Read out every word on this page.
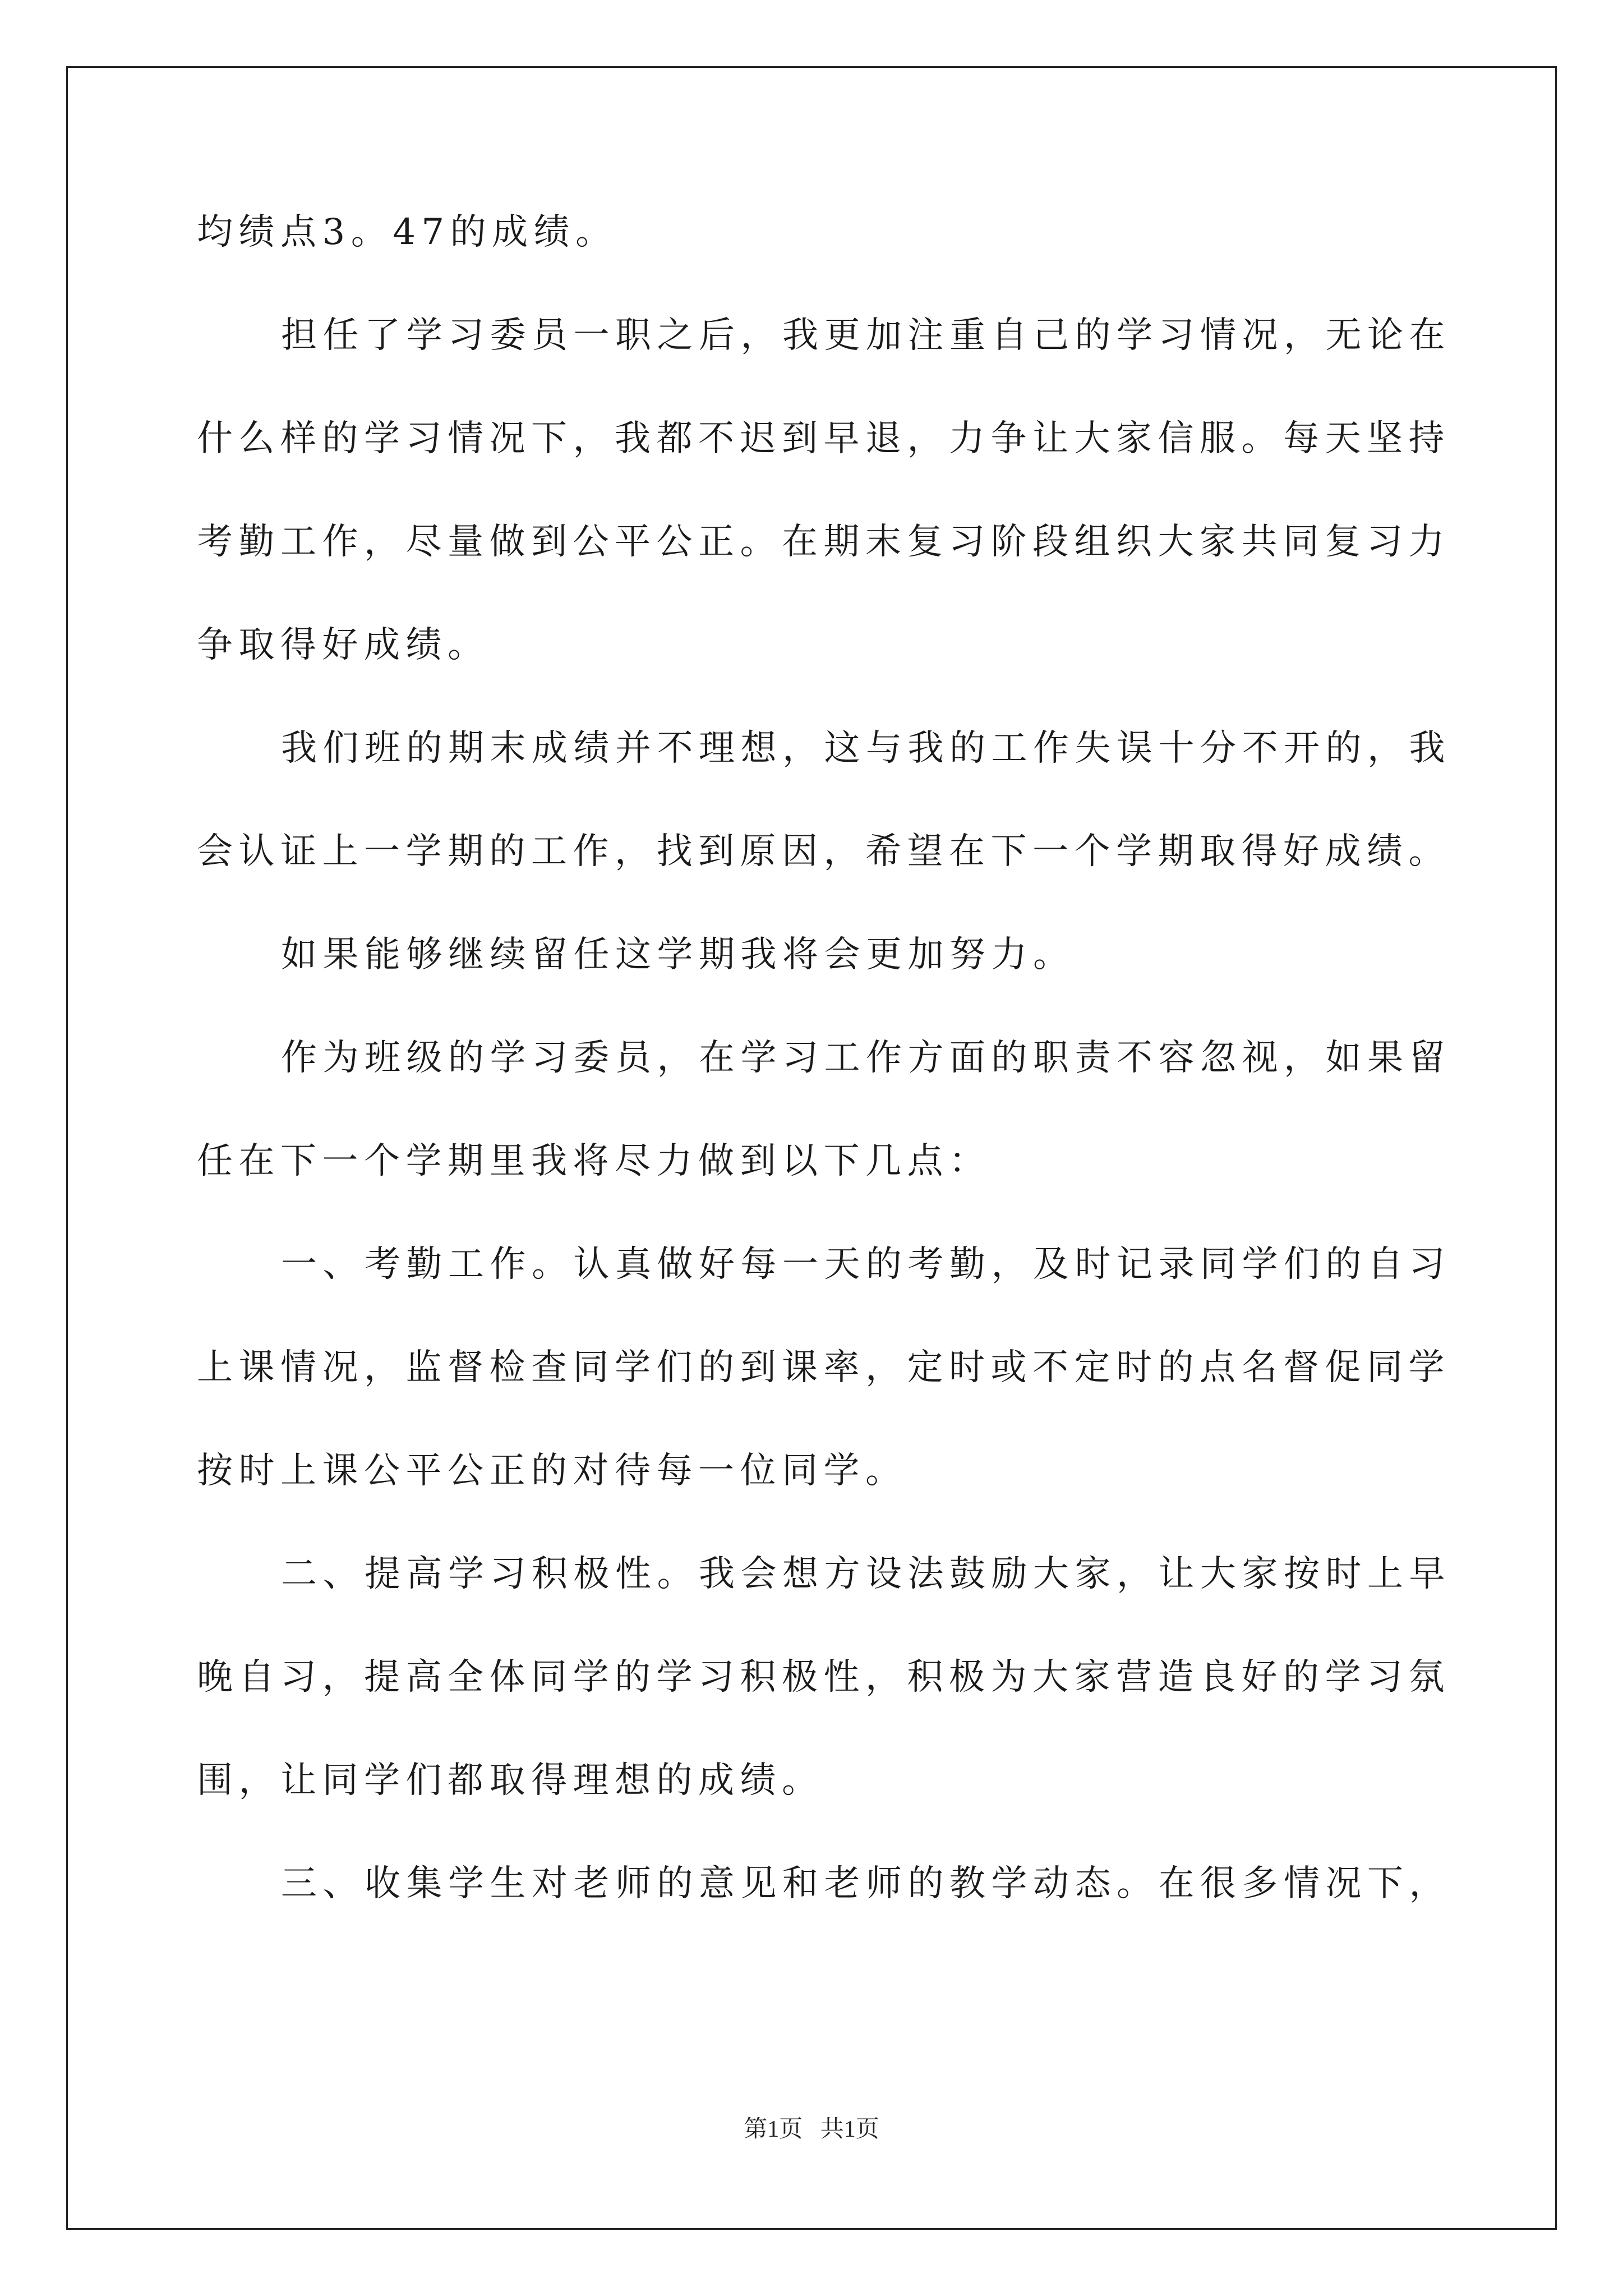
均绩点3。47的成绩。
担任了学习委员一职之后，我更加注重自己的学习情况，无论在
什么样的学习情况下，我都不迟到早退，力争让大家信服。每天坚持
考勤工作，尽量做到公平公正。在期末复习阶段组织大家共同复习力
争取得好成绩。
我们班的期末成绩并不理想，这与我的工作失误十分不开的，我
会认证上一学期的工作，找到原因，希望在下一个学期取得好成绩。
如果能够继续留任这学期我将会更加努力。
作为班级的学习委员，在学习工作方面的职责不容忽视，如果留
任在下一个学期里我将尽力做到以下几点：
一、考勤工作。认真做好每一天的考勤，及时记录同学们的自习
上课情况，监督检查同学们的到课率，定时或不定时的点名督促同学
按时上课公平公正的对待每一位同学。
二、提高学习积极性。我会想方设法鼓励大家，让大家按时上早
晚自习，提高全体同学的学习积极性，积极为大家营造良好的学习氛
围，让同学们都取得理想的成绩。
三、收集学生对老师的意见和老师的教学动态。在很多情况下，
第1页   共1页
